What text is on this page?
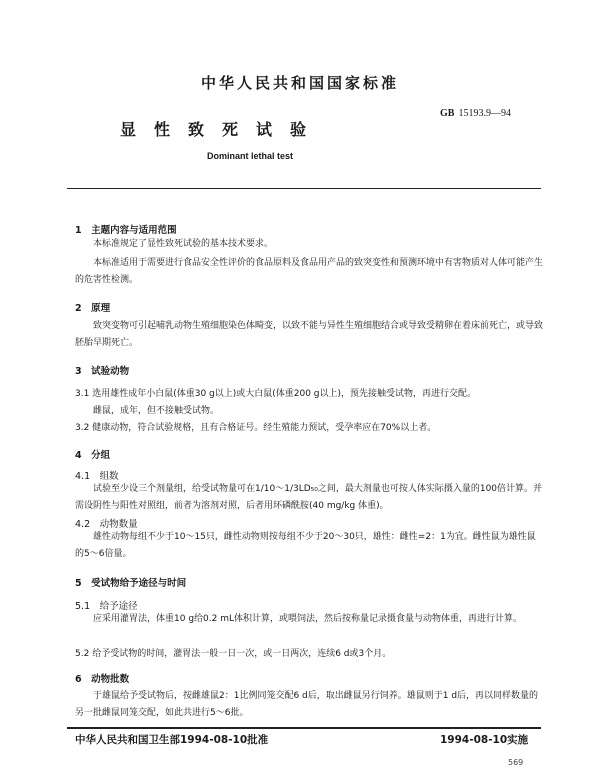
中华人民共和国国家标准
GB 15193.9—94
显性致死试验
Dominant lethal test
1　主题内容与适用范围
本标准规定了显性致死试验的基本技术要求。
本标准适用于需要进行食品安全性评价的食品原料及食品用产品的致突变性和预测环境中有害物质对人体可能产生的危害性检测。
2　原理
致突变物可引起哺乳动物生殖细胞染色体畸变，以致不能与异性生殖细胞结合或导致受精卵在着床前死亡，或导致胚胎早期死亡。
3　试验动物
3.1 选用雄性成年小白鼠(体重30 g以上)或大白鼠(体重200 g以上)，预先接触受试物，再进行交配。
雌鼠，成年，但不接触受试物。
3.2 健康动物，符合试验规格，且有合格证号。经生殖能力预试，受孕率应在70%以上者。
4　分组
4.1　组数
试验至少设三个剂量组，给受试物量可在1/10～1/3LD₅₀之间，最大剂量也可按人体实际摄入量的100倍计算。并需设阴性与阳性对照组，前者为溶剂对照，后者用环磷酰胺(40 mg/kg 体重)。
4.2　动物数量
雄性动物每组不少于10～15只，雌性动物则按每组不少于20～30只，雄性：雌性=2：1为宜。雌性鼠为雄性鼠的5～6倍量。
5　受试物给予途径与时间
5.1　给予途径
应采用灌胃法，体重10 g给0.2 mL体积计算，或喂饲法，然后按称量记录摄食量与动物体重，再进行计算。
5.2 给予受试物的时间，灌胃法一般一日一次，或一日两次，连续6 d或3个月。
6　动物批数
于雄鼠给予受试物后，按雌雄鼠2：1比例同笼交配6 d后，取出雌鼠另行饲养。雄鼠则于1 d后，再以同样数量的另一批雌鼠同笼交配，如此共进行5～6批。
中华人民共和国卫生部1994-08-10批准	1994-08-10实施
569
